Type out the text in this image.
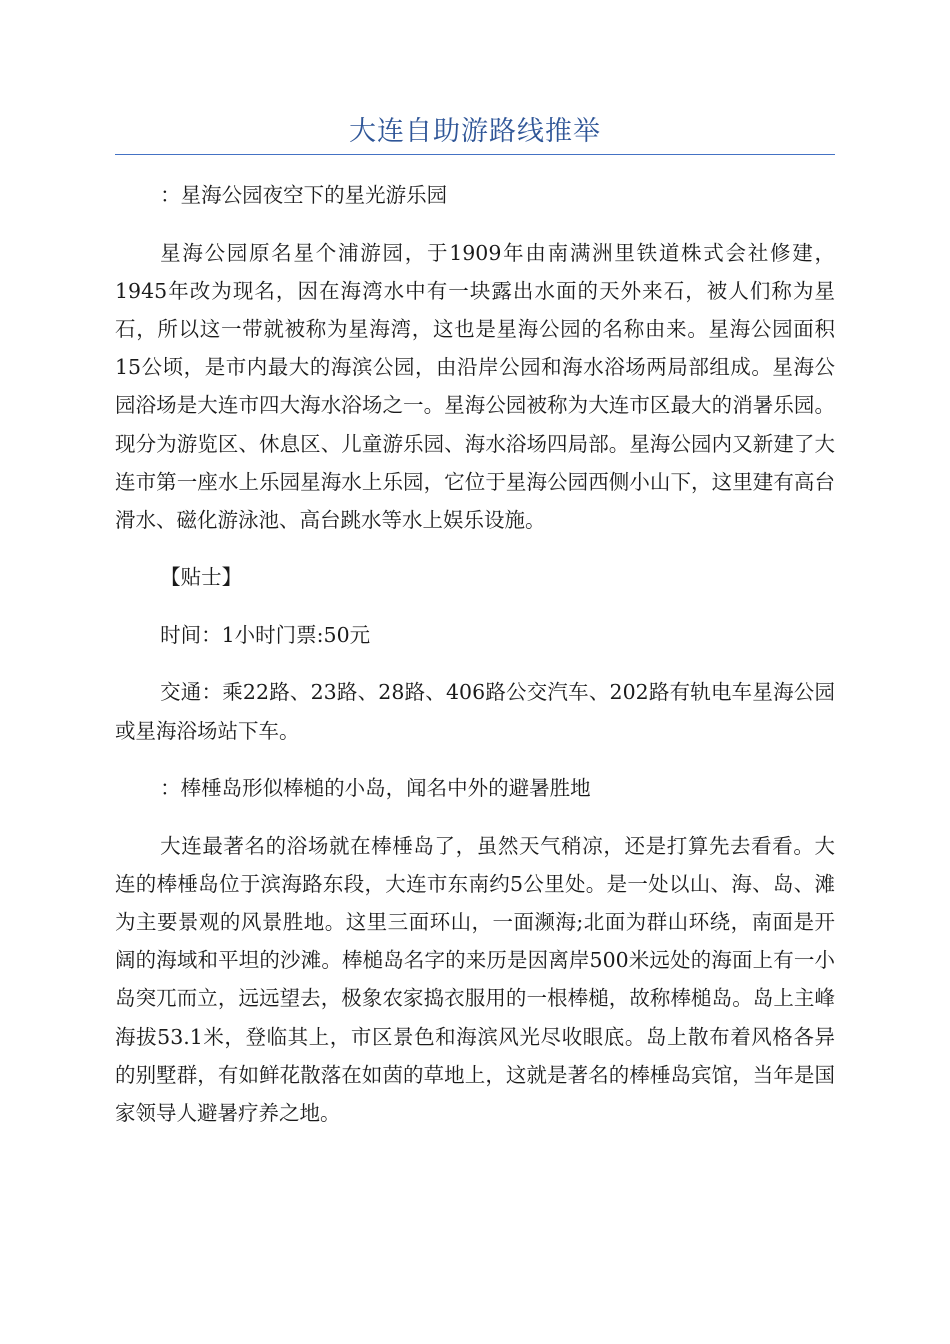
大连自助游路线推举

：星海公园夜空下的星光游乐园

星海公园原名星个浦游园，于1909年由南满洲里铁道株式会社修建，1945年改为现名，因在海湾水中有一块露出水面的天外来石，被人们称为星石，所以这一带就被称为星海湾，这也是星海公园的名称由来。星海公园面积15公顷，是市内最大的海滨公园，由沿岸公园和海水浴场两局部组成。星海公园浴场是大连市四大海水浴场之一。星海公园被称为大连市区最大的消暑乐园。现分为游览区、休息区、儿童游乐园、海水浴场四局部。星海公园内又新建了大连市第一座水上乐园星海水上乐园，它位于星海公园西侧小山下，这里建有高台滑水、磁化游泳池、高台跳水等水上娱乐设施。

【贴士】

时间：1小时门票:50元

交通：乘22路、23路、28路、406路公交汽车、202路有轨电车星海公园或星海浴场站下车。

：棒棰岛形似棒槌的小岛，闻名中外的避暑胜地

大连最著名的浴场就在棒棰岛了，虽然天气稍凉，还是打算先去看看。大连的棒棰岛位于滨海路东段，大连市东南约5公里处。是一处以山、海、岛、滩为主要景观的风景胜地。这里三面环山，一面濒海;北面为群山环绕，南面是开阔的海域和平坦的沙滩。棒槌岛名字的来历是因离岸500米远处的海面上有一小岛突兀而立，远远望去，极象农家捣衣服用的一根棒槌，故称棒槌岛。岛上主峰海拔53.1米，登临其上，市区景色和海滨风光尽收眼底。岛上散布着风格各异的别墅群，有如鲜花散落在如茵的草地上，这就是著名的棒棰岛宾馆，当年是国家领导人避暑疗养之地。
